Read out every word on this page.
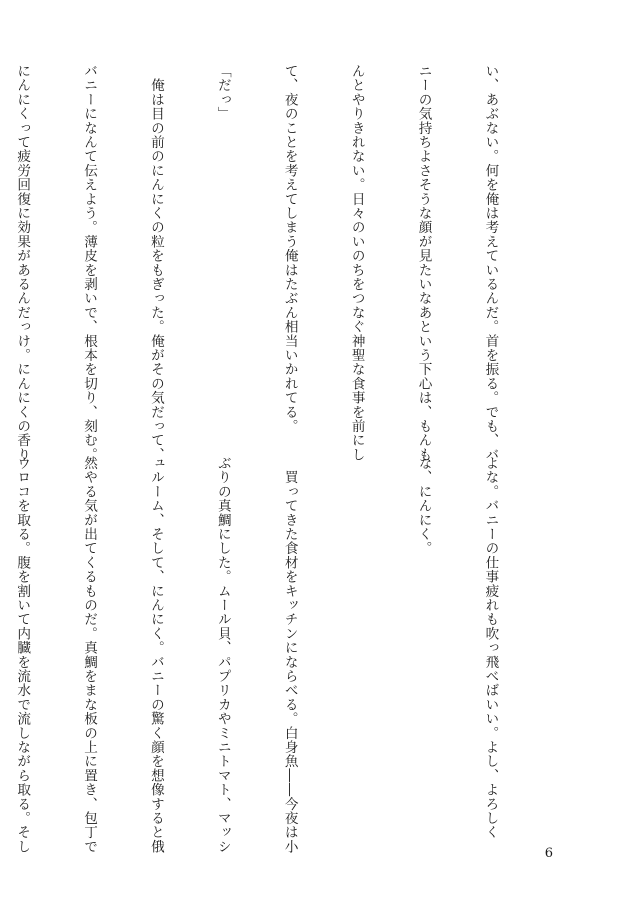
い、あぶない。何を俺は考えているんだ。首を振る。でも、バ

ニーの気持ちよさそうな顔が見たいなあという下心は、もんも

んとやりきれない。日々のいのちをつなぐ神聖な食事を前にし

て、夜のことを考えてしまう俺はたぶん相当いかれてる。

「だっ」

　俺は目の前のにんにくの粒をもぎった。俺がその気だって、

バニーになんて伝えよう。薄皮を剥いで、根本を切り、刻む。

にんにくって疲労回復に効果があるんだっけ。にんにくの香り

よな。バニーの仕事疲れも吹っ飛べばいい。よし、よろしく

な、にんにく。

　買ってきた食材をキッチンにならべる。白身魚――今夜は小

ぶりの真鯛にした。ムール貝、パプリカやミニトマト、マッシ

ュルーム、そして、にんにく。バニーの驚く顔を想像すると俄

然やる気が出てくるものだ。真鯛をまな板の上に置き、包丁で

ウロコを取る。腹を割いて内臓を流水で流しながら取る。そし

	6
